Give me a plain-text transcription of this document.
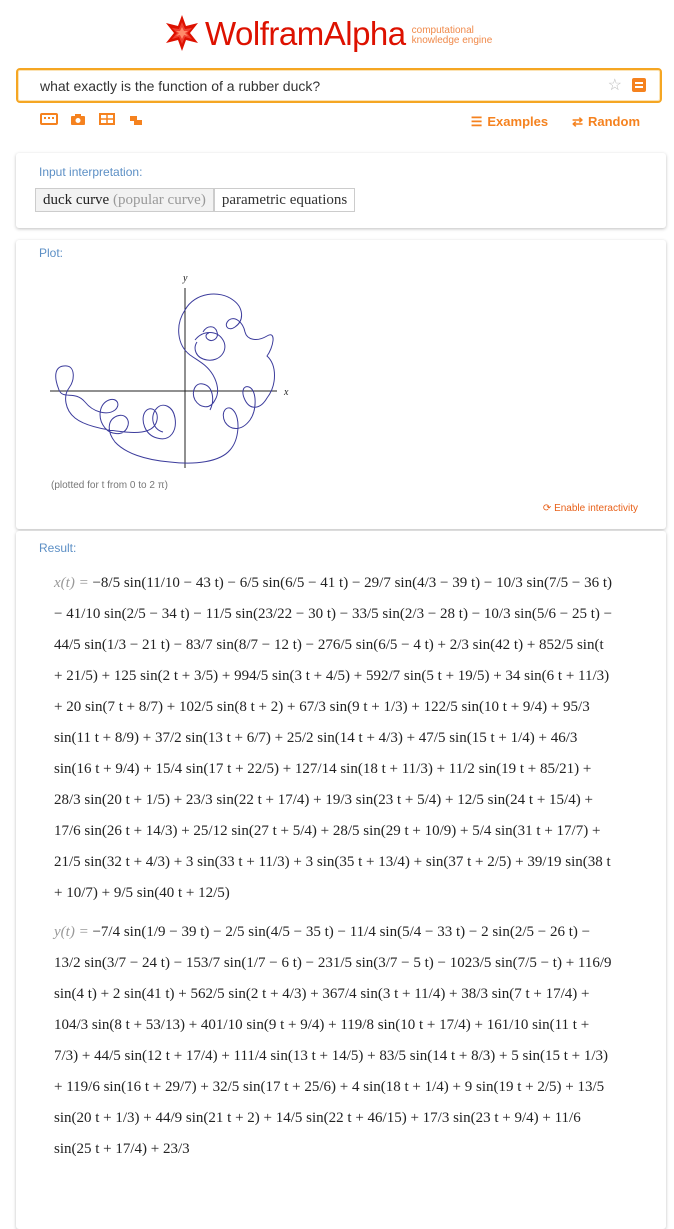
WolframAlpha computational
knowledge engine
what exactly is the function of a rubber duck?	☆
☰ Examples ⇄ Random
Input interpretation:
duck curve (popular curve)	parametric equations
Plot:
x
y
(plotted for t from 0 to 2 π)
⟳ Enable interactivity
Result:
x(t) = −8/5 sin(11/10 − 43 t) − 6/5 sin(6/5 − 41 t) − 29/7 sin(4/3 − 39 t) − 10/3 sin(7/5 − 36 t) − 41/10 sin(2/5 − 34 t) − 11/5 sin(23/22 − 30 t) − 33/5 sin(2/3 − 28 t) − 10/3 sin(5/6 − 25 t) − 44/5 sin(1/3 − 21 t) − 83/7 sin(8/7 − 12 t) − 276/5 sin(6/5 − 4 t) + 2/3 sin(42 t) + 852/5 sin(t + 21/5) + 125 sin(2 t + 3/5) + 994/5 sin(3 t + 4/5) + 592/7 sin(5 t + 19/5) + 34 sin(6 t + 11/3) + 20 sin(7 t + 8/7) + 102/5 sin(8 t + 2) + 67/3 sin(9 t + 1/3) + 122/5 sin(10 t + 9/4) + 95/3 sin(11 t + 8/9) + 37/2 sin(13 t + 6/7) + 25/2 sin(14 t + 4/3) + 47/5 sin(15 t + 1/4) + 46/3 sin(16 t + 9/4) + 15/4 sin(17 t + 22/5) + 127/14 sin(18 t + 11/3) + 11/2 sin(19 t + 85/21) + 28/3 sin(20 t + 1/5) + 23/3 sin(22 t + 17/4) + 19/3 sin(23 t + 5/4) + 12/5 sin(24 t + 15/4) + 17/6 sin(26 t + 14/3) + 25/12 sin(27 t + 5/4) + 28/5 sin(29 t + 10/9) + 5/4 sin(31 t + 17/7) + 21/5 sin(32 t + 4/3) + 3 sin(33 t + 11/3) + 3 sin(35 t + 13/4) + sin(37 t + 2/5) + 39/19 sin(38 t + 10/7) + 9/5 sin(40 t + 12/5)
y(t) = −7/4 sin(1/9 − 39 t) − 2/5 sin(4/5 − 35 t) − 11/4 sin(5/4 − 33 t) − 2 sin(2/5 − 26 t) − 13/2 sin(3/7 − 24 t) − 153/7 sin(1/7 − 6 t) − 231/5 sin(3/7 − 5 t) − 1023/5 sin(7/5 − t) + 116/9 sin(4 t) + 2 sin(41 t) + 562/5 sin(2 t + 4/3) + 367/4 sin(3 t + 11/4) + 38/3 sin(7 t + 17/4) + 104/3 sin(8 t + 53/13) + 401/10 sin(9 t + 9/4) + 119/8 sin(10 t + 17/4) + 161/10 sin(11 t + 7/3) + 44/5 sin(12 t + 17/4) + 111/4 sin(13 t + 14/5) + 83/5 sin(14 t + 8/3) + 5 sin(15 t + 1/3) + 119/6 sin(16 t + 29/7) + 32/5 sin(17 t + 25/6) + 4 sin(18 t + 1/4) + 9 sin(19 t + 2/5) + 13/5 sin(20 t + 1/3) + 44/9 sin(21 t + 2) + 14/5 sin(22 t + 46/15) + 17/3 sin(23 t + 9/4) + 11/6 sin(25 t + 17/4) + 23/3
